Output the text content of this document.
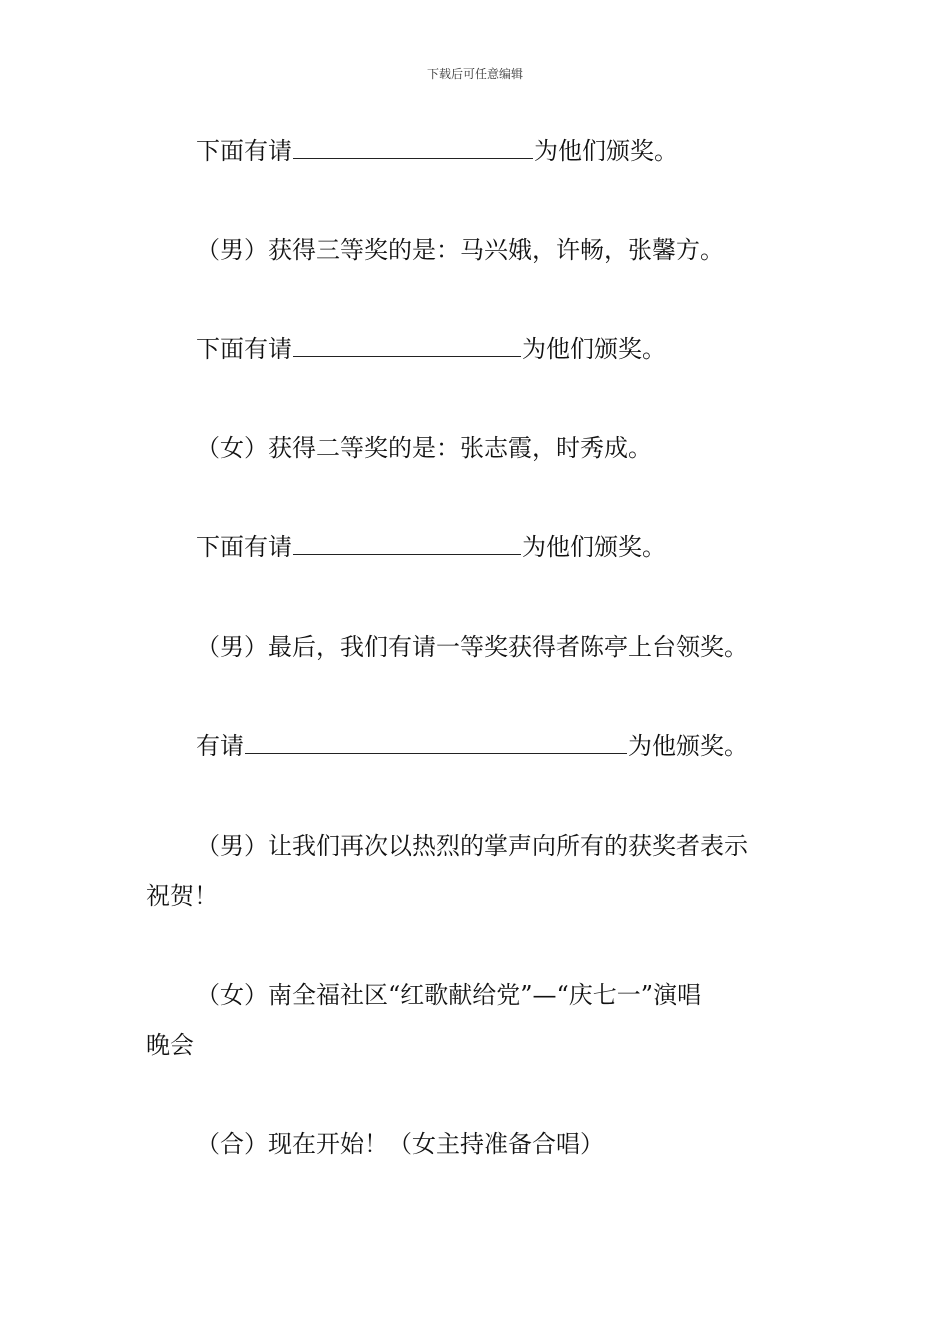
下载后可任意编辑
下面有请	为他们颁奖。
（男）获得三等奖的是：马兴娥，许畅，张馨方。
下面有请	为他们颁奖。
（女）获得二等奖的是：张志霞，时秀成。
下面有请	为他们颁奖。
（男）最后，我们有请一等奖获得者陈亭上台领奖。
有请	为他颁奖。
（男）让我们再次以热烈的掌声向所有的获奖者表示
祝贺！
（女）南全福社区“红歌献给党”—“庆七一”演唱
晚会
（合）现在开始！（女主持准备合唱）
